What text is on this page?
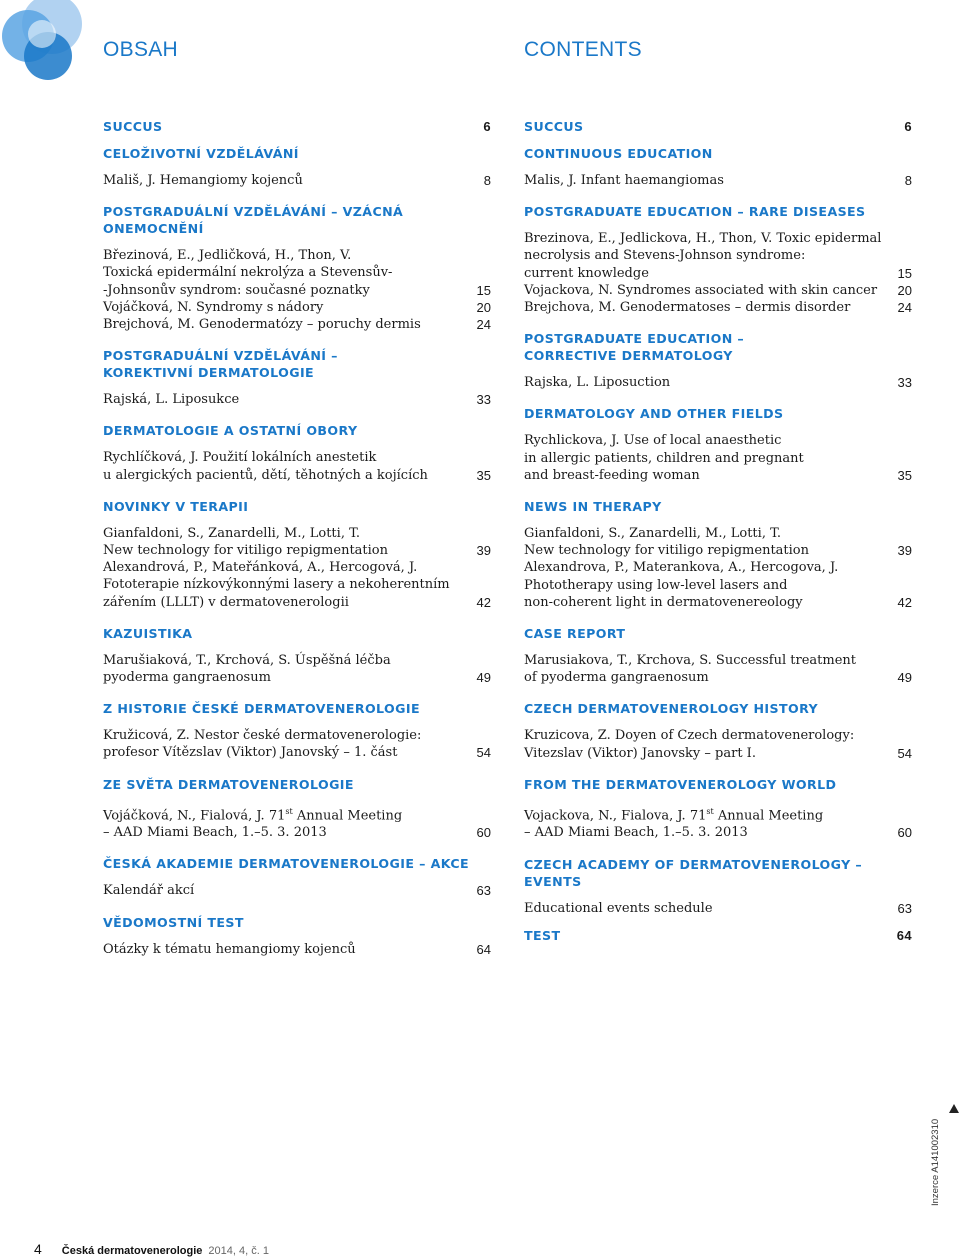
OBSAH	CONTENTS
SUCCUS	6
CELOŽIVOTNÍ VZDĚLÁVÁNÍ
Mališ, J. Hemangiomy kojenců	8
POSTGRADUÁLNÍ VZDĚLÁVÁNÍ – VZÁCNÁ ONEMOCNĚNÍ
Březinová, E., Jedličková, H., Thon, V.
Toxická epidermální nekrolýza a Stevensův-
-Johnsonův syndrom: současné poznatky	15
Vojáčková, N. Syndromy s nádory	20
Brejchová, M. Genodermatózy – poruchy dermis	24
POSTGRADUÁLNÍ VZDĚLÁVÁNÍ –
KOREKTIVNÍ DERMATOLOGIE
Rajská, L. Liposukce	33
DERMATOLOGIE A OSTATNÍ OBORY
Rychlíčková, J. Použití lokálních anestetik
u alergických pacientů, dětí, těhotných a kojících	35
NOVINKY V TERAPII
Gianfaldoni, S., Zanardelli, M., Lotti, T.
New technology for vitiligo repigmentation	39
Alexandrová, P., Mateřánková, A., Hercogová, J.
Fototerapie nízkovýkonnými lasery a nekoherentním
zářením (LLLT) v dermatovenerologii	42
KAZUISTIKA
Marušiaková, T., Krchová, S. Úspěšná léčba
pyoderma gangraenosum	49
Z HISTORIE ČESKÉ DERMATOVENEROLOGIE
Kružicová, Z. Nestor české dermatovenerologie:
profesor Vítězslav (Viktor) Janovský – 1. část	54
ZE SVĚTA DERMATOVENEROLOGIE
Vojáčková, N., Fialová, J. 71st Annual Meeting
– AAD Miami Beach, 1.–5. 3. 2013	60
ČESKÁ AKADEMIE DERMATOVENEROLOGIE – AKCE
Kalendář akcí	63
VĚDOMOSTNÍ TEST
Otázky k tématu hemangiomy kojenců	64
SUCCUS	6
CONTINUOUS EDUCATION
Malis, J. Infant haemangiomas	8
POSTGRADUATE EDUCATION – RARE DISEASES
Brezinova, E., Jedlickova, H., Thon, V. Toxic epidermal
necrolysis and Stevens-Johnson syndrome:
current knowledge	15
Vojackova, N. Syndromes associated with skin cancer	20
Brejchova, M. Genodermatoses – dermis disorder	24
POSTGRADUATE EDUCATION –
CORRECTIVE DERMATOLOGY
Rajska, L. Liposuction	33
DERMATOLOGY AND OTHER FIELDS
Rychlickova, J. Use of local anaesthetic
in allergic patients, children and pregnant
and breast-feeding woman	35
NEWS IN THERAPY
Gianfaldoni, S., Zanardelli, M., Lotti, T.
New technology for vitiligo repigmentation	39
Alexandrova, P., Materankova, A., Hercogova, J.
Phototherapy using low-level lasers and
non-coherent light in dermatovenereology	42
CASE REPORT
Marusiakova, T., Krchova, S. Successful treatment
of pyoderma gangraenosum	49
CZECH DERMATOVENEROLOGY HISTORY
Kruzicova, Z. Doyen of Czech dermatovenerology:
Vitezslav (Viktor) Janovsky – part I.	54
FROM THE DERMATOVENEROLOGY WORLD
Vojackova, N., Fialova, J. 71st Annual Meeting
– AAD Miami Beach, 1.–5. 3. 2013	60
CZECH ACADEMY OF DERMATOVENEROLOGY – EVENTS
Educational events schedule	63
TEST	64
Inzerce A141002310
4 Česká dermatovenerologie 2014, 4, č. 1
